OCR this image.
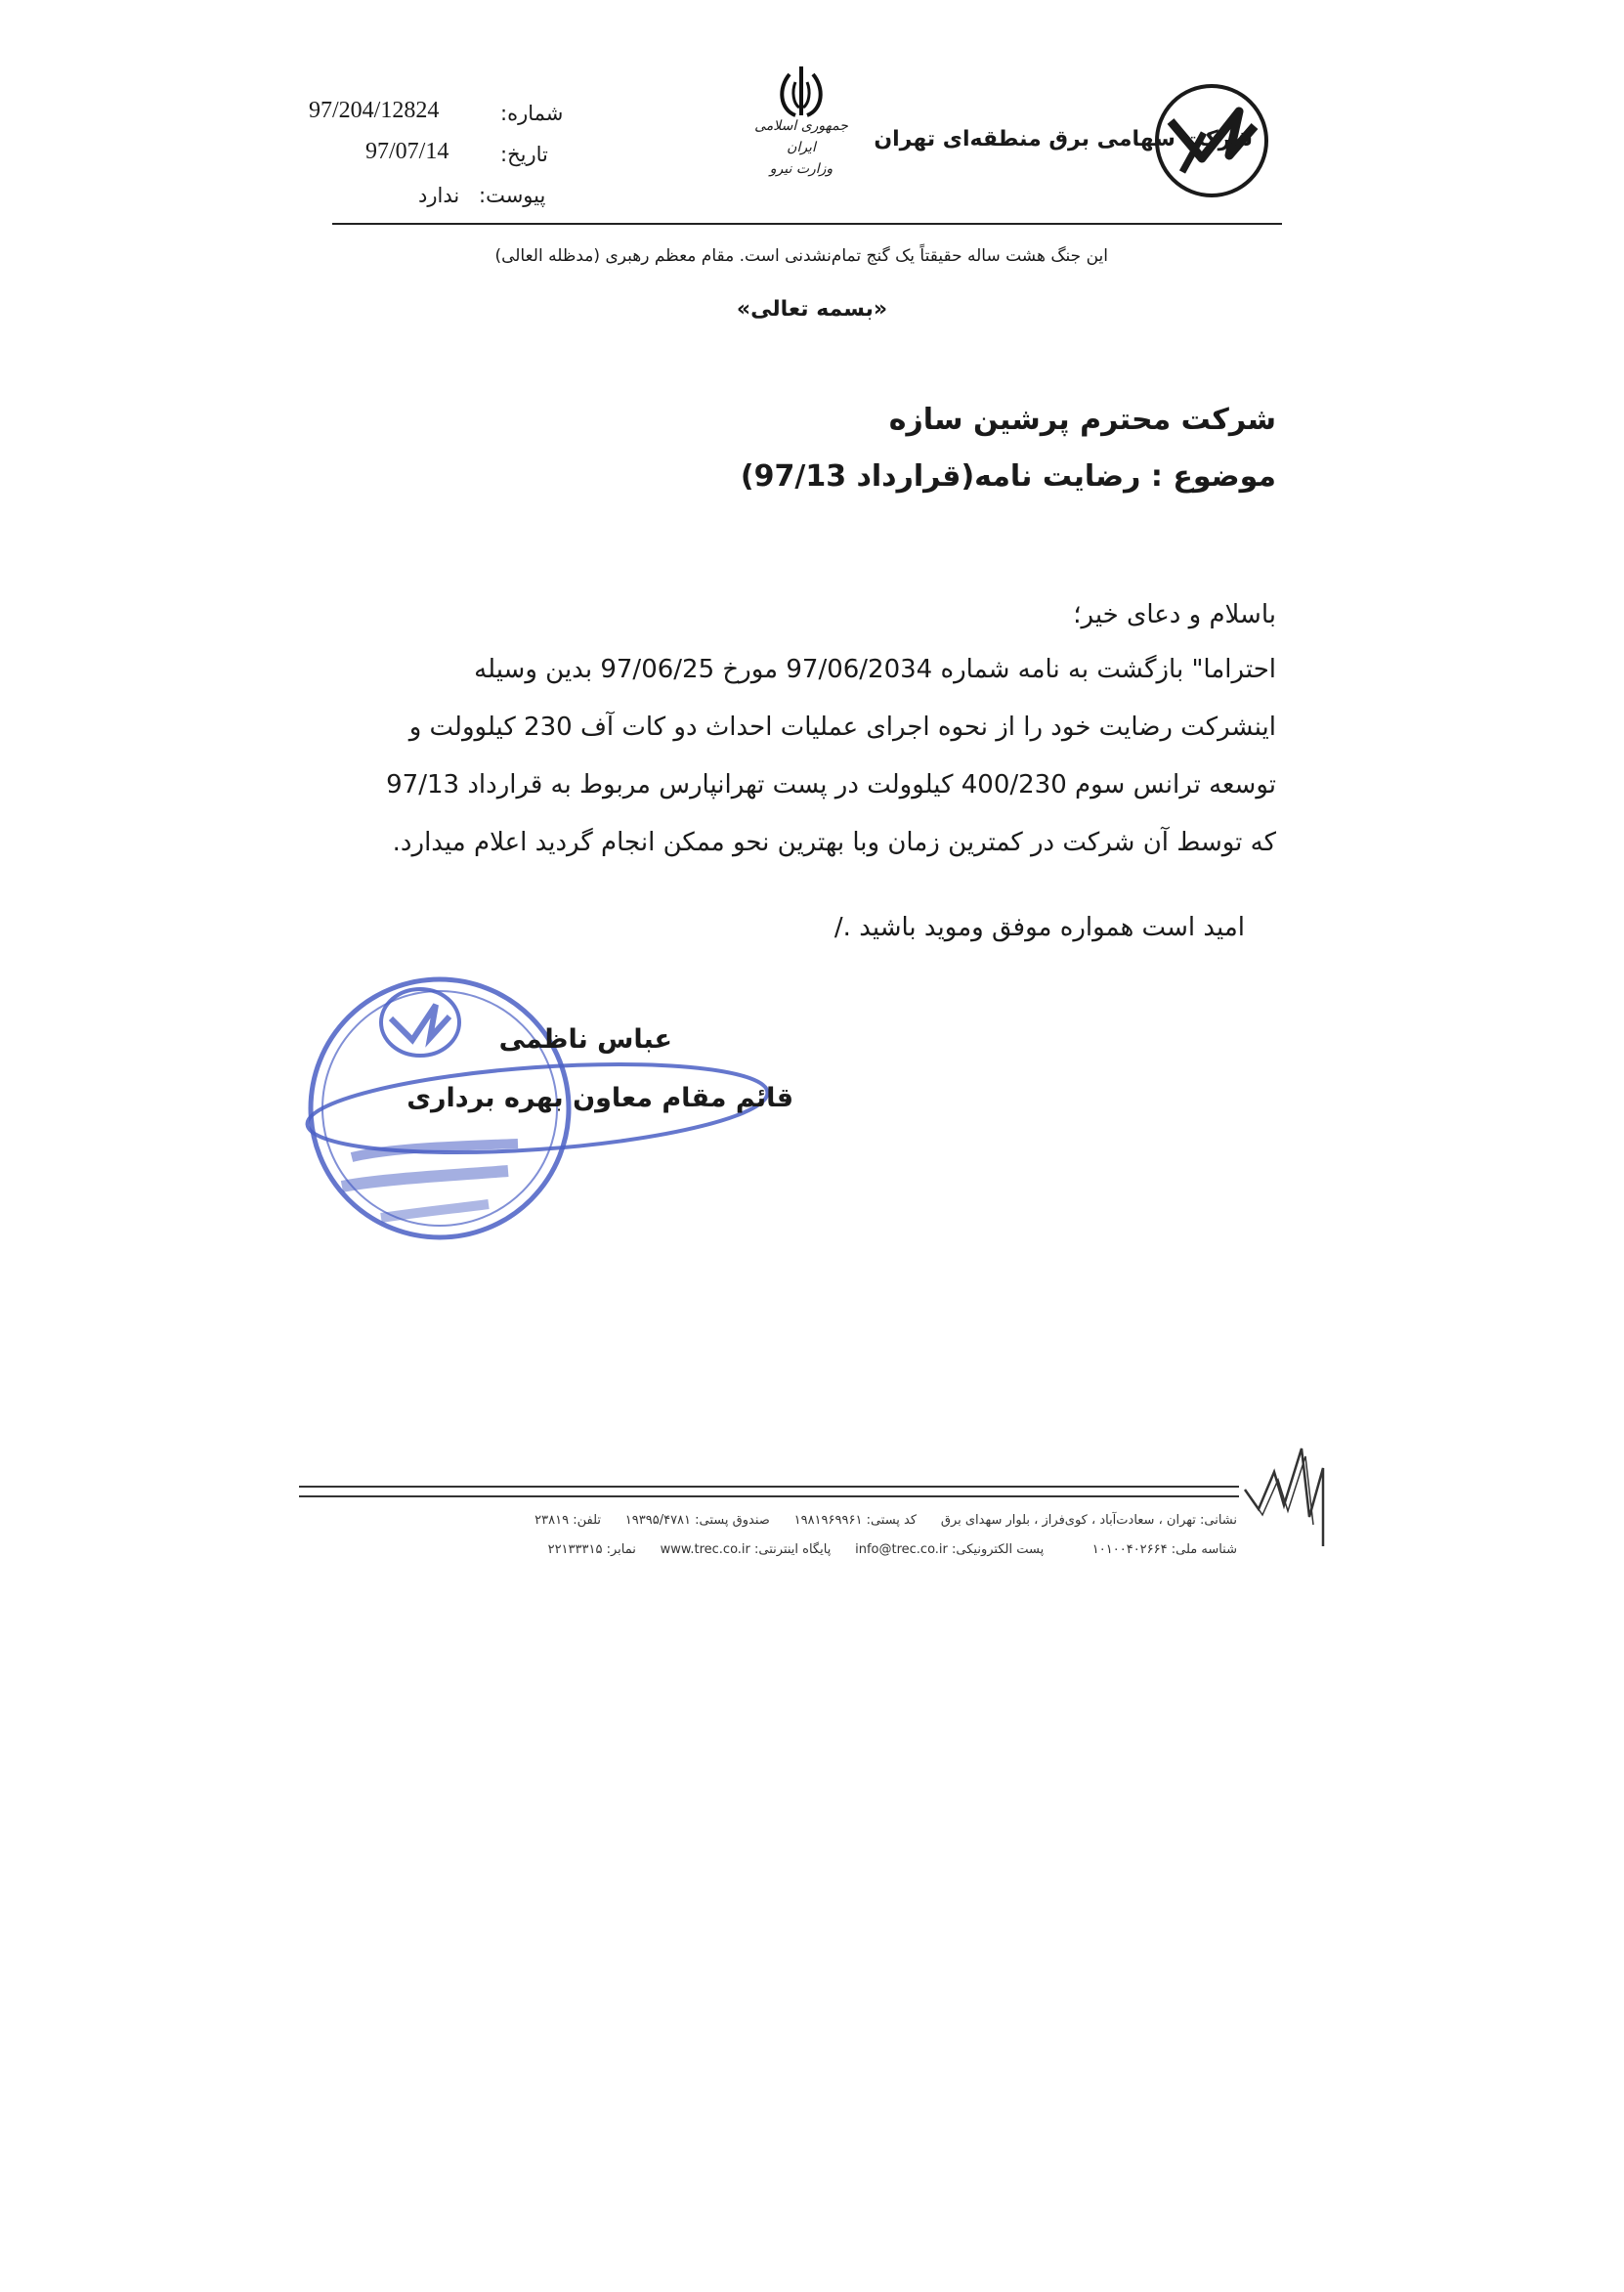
شرکت سهامی برق منطقه‌ای تهران
جمهوری اسلامی ایران
وزارت نیرو
97/204/12824	شماره:
97/07/14	تاریخ:
ندارد پیوست:
این جنگ هشت ساله حقیقتاً یک گنج تمام‌نشدنی است. مقام معظم رهبری (مدظله العالی)
«بسمه تعالی»
شرکت محترم پرشین سازه
موضوع : رضایت نامه(قرارداد 97/13)
باسلام و دعای خیر؛
احتراما" بازگشت به نامه شماره 97/06/2034 مورخ 97/06/25 بدین وسیله
اینشرکت رضایت خود را از نحوه اجرای عملیات احداث دو کات آف 230 کیلوولت و
توسعه ترانس سوم 400/230 کیلوولت در پست تهرانپارس مربوط به قرارداد 97/13
که توسط آن شرکت در کمترین زمان وبا بهترین نحو ممکن انجام گردید اعلام میدارد.
امید است همواره موفق وموید باشید ./
عباس ناظمی
قائم مقام معاون بهره برداری
نشانی: تهران ، سعادت‌آباد ، کوی‌فراز ، بلوار سهدای برق      کد پستی: ۱۹۸۱۹۶۹۹۶۱      صندوق پستی: ۱۹۳۹۵/۴۷۸۱      تلفن: ۲۳۸۱۹
شناسه ملی: ۱۰۱۰۰۴۰۲۶۶۴            پست الکترونیکی: info@trec.co.ir      پایگاه اینترنتی: www.trec.co.ir      نمابر: ۲۲۱۳۳۳۱۵
